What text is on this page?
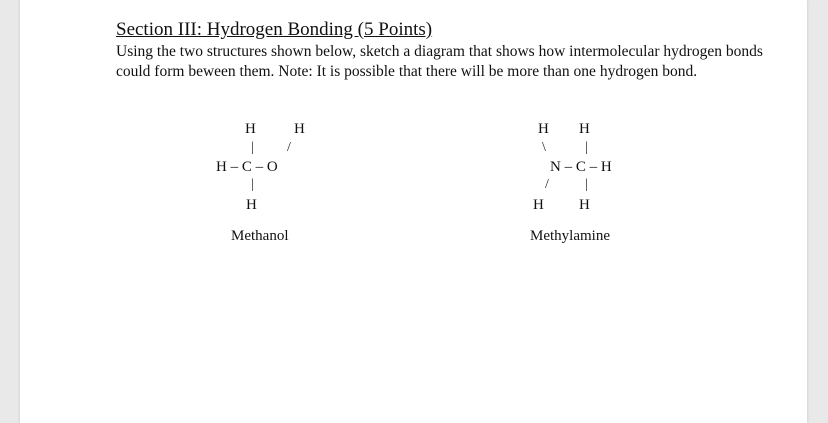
Section III: Hydrogen Bonding (5 Points)
Using the two structures shown below, sketch a diagram that shows how intermolecular hydrogen bonds could form beween them. Note: It is possible that there will be more than one hydrogen bond.
H	H
| /
H – C – O
|
H
Methanol
H H
\	|
N – C – H
/	|
H H
Methylamine
